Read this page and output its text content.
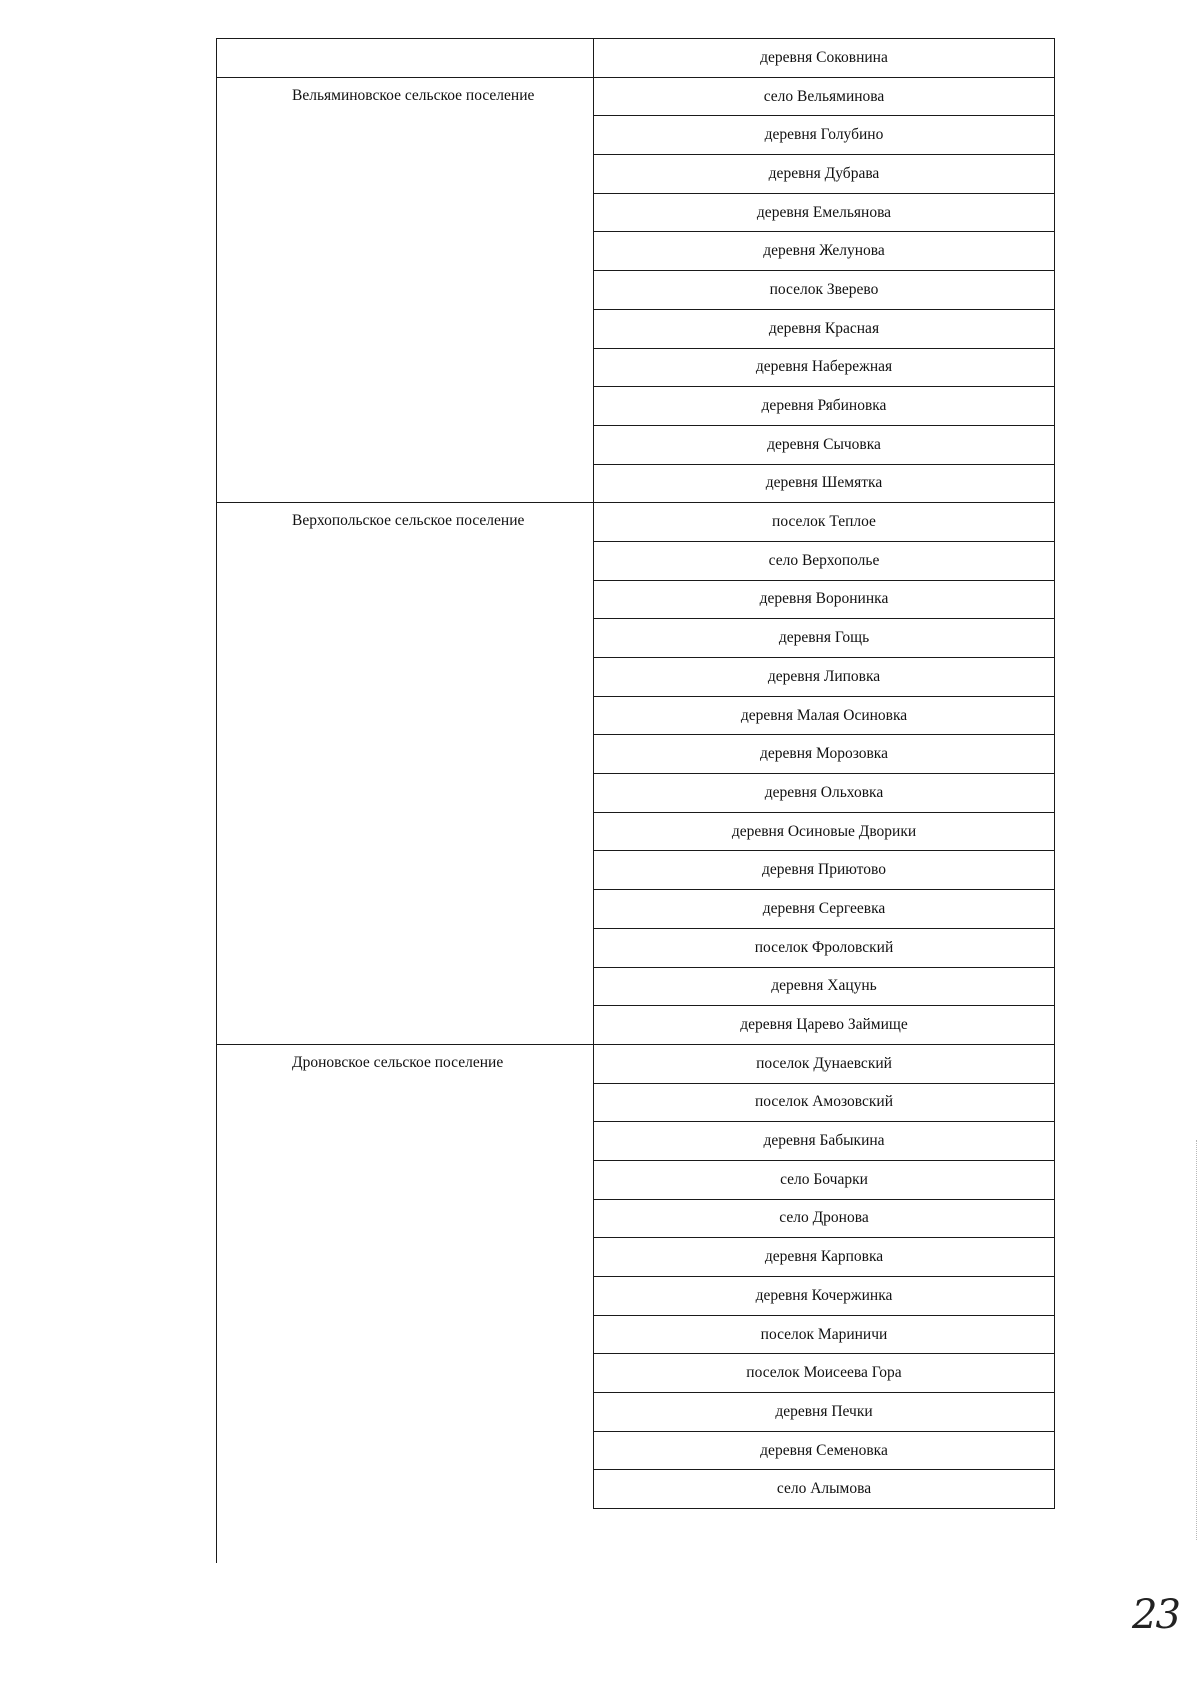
Вельяминовское сельское поселение
Верхопольское сельское поселение
Дроновское сельское поселение
деревня Соковнина
село Вельяминова
деревня Голубино
деревня Дубрава
деревня Емельянова
деревня Желунова
поселок Зверево
деревня Красная
деревня Набережная
деревня Рябиновка
деревня Сычовка
деревня Шемятка
поселок Теплое
село Верхополье
деревня Воронинка
деревня Гощь
деревня Липовка
деревня Малая Осиновка
деревня Морозовка
деревня Ольховка
деревня Осиновые Дворики
деревня Приютово
деревня Сергеевка
поселок Фроловский
деревня Хацунь
деревня Царево Займище
поселок Дунаевский
поселок Амозовский
деревня Бабыкина
село Бочарки
село Дронова
деревня Карповка
деревня Кочержинка
поселок Мариничи
поселок Моисеева Гора
деревня Печки
деревня Семеновка
село Алымова
23
